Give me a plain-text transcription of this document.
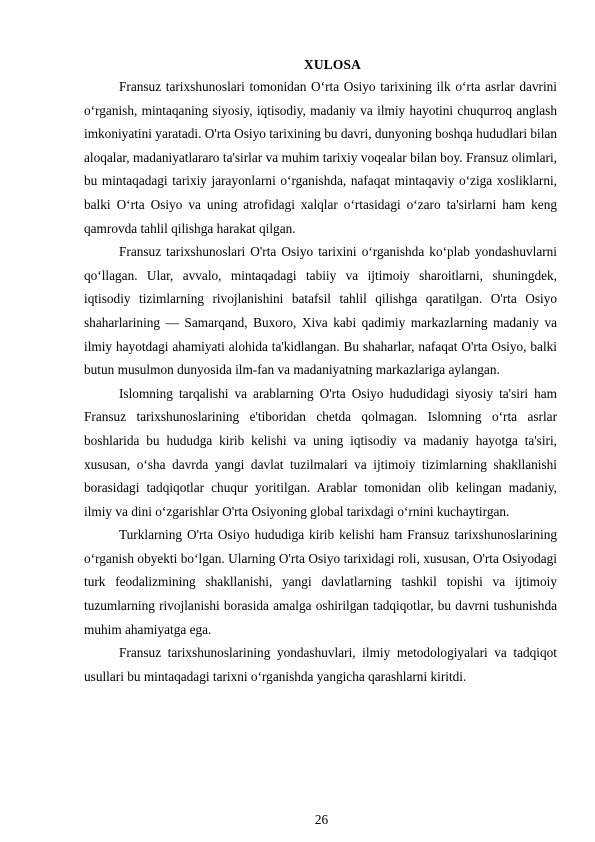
XULOSA

Fransuz tarixshunoslari tomonidan O‘rta Osiyo tarixining ilk o‘rta asrlar davrini o‘rganish, mintaqaning siyosiy, iqtisodiy, madaniy va ilmiy hayotini chuqurroq anglash imkoniyatini yaratadi. O'rta Osiyo tarixining bu davri, dunyoning boshqa hududlari bilan aloqalar, madaniyatlararo ta'sirlar va muhim tarixiy voqealar bilan boy. Fransuz olimlari, bu mintaqadagi tarixiy jarayonlarni o‘rganishda, nafaqat mintaqaviy o‘ziga xosliklarni, balki O‘rta Osiyo va uning atrofidagi xalqlar o‘rtasidagi o‘zaro ta'sirlarni ham keng qamrovda tahlil qilishga harakat qilgan.

Fransuz tarixshunoslari O'rta Osiyo tarixini o‘rganishda ko‘plab yondashuvlarni qo‘llagan. Ular, avvalo, mintaqadagi tabiiy va ijtimoiy sharoitlarni, shuningdek, iqtisodiy tizimlarning rivojlanishini batafsil tahlil qilishga qaratilgan. O'rta Osiyo shaharlarining — Samarqand, Buxoro, Xiva kabi qadimiy markazlarning madaniy va ilmiy hayotdagi ahamiyati alohida ta'kidlangan. Bu shaharlar, nafaqat O'rta Osiyo, balki butun musulmon dunyosida ilm-fan va madaniyatning markazlariga aylangan.

Islomning tarqalishi va arablarning O'rta Osiyo hududidagi siyosiy ta'siri ham Fransuz tarixshunoslarining e'tiboridan chetda qolmagan. Islomning o‘rta asrlar boshlarida bu hududga kirib kelishi va uning iqtisodiy va madaniy hayotga ta'siri, xususan, o‘sha davrda yangi davlat tuzilmalari va ijtimoiy tizimlarning shakllanishi borasidagi tadqiqotlar chuqur yoritilgan. Arablar tomonidan olib kelingan madaniy, ilmiy va dini o‘zgarishlar O'rta Osiyoning global tarixdagi o‘rnini kuchaytirgan.

Turklarning O'rta Osiyo hududiga kirib kelishi ham Fransuz tarixshunoslarining o‘rganish obyekti bo‘lgan. Ularning O'rta Osiyo tarixidagi roli, xususan, O'rta Osiyodagi turk feodalizmining shakllanishi, yangi davlatlarning tashkil topishi va ijtimoiy tuzumlarning rivojlanishi borasida amalga oshirilgan tadqiqotlar, bu davrni tushunishda muhim ahamiyatga ega.

Fransuz tarixshunoslarining yondashuvlari, ilmiy metodologiyalari va tadqiqot usullari bu mintaqadagi tarixni o‘rganishda yangicha qarashlarni kiritdi.

26
